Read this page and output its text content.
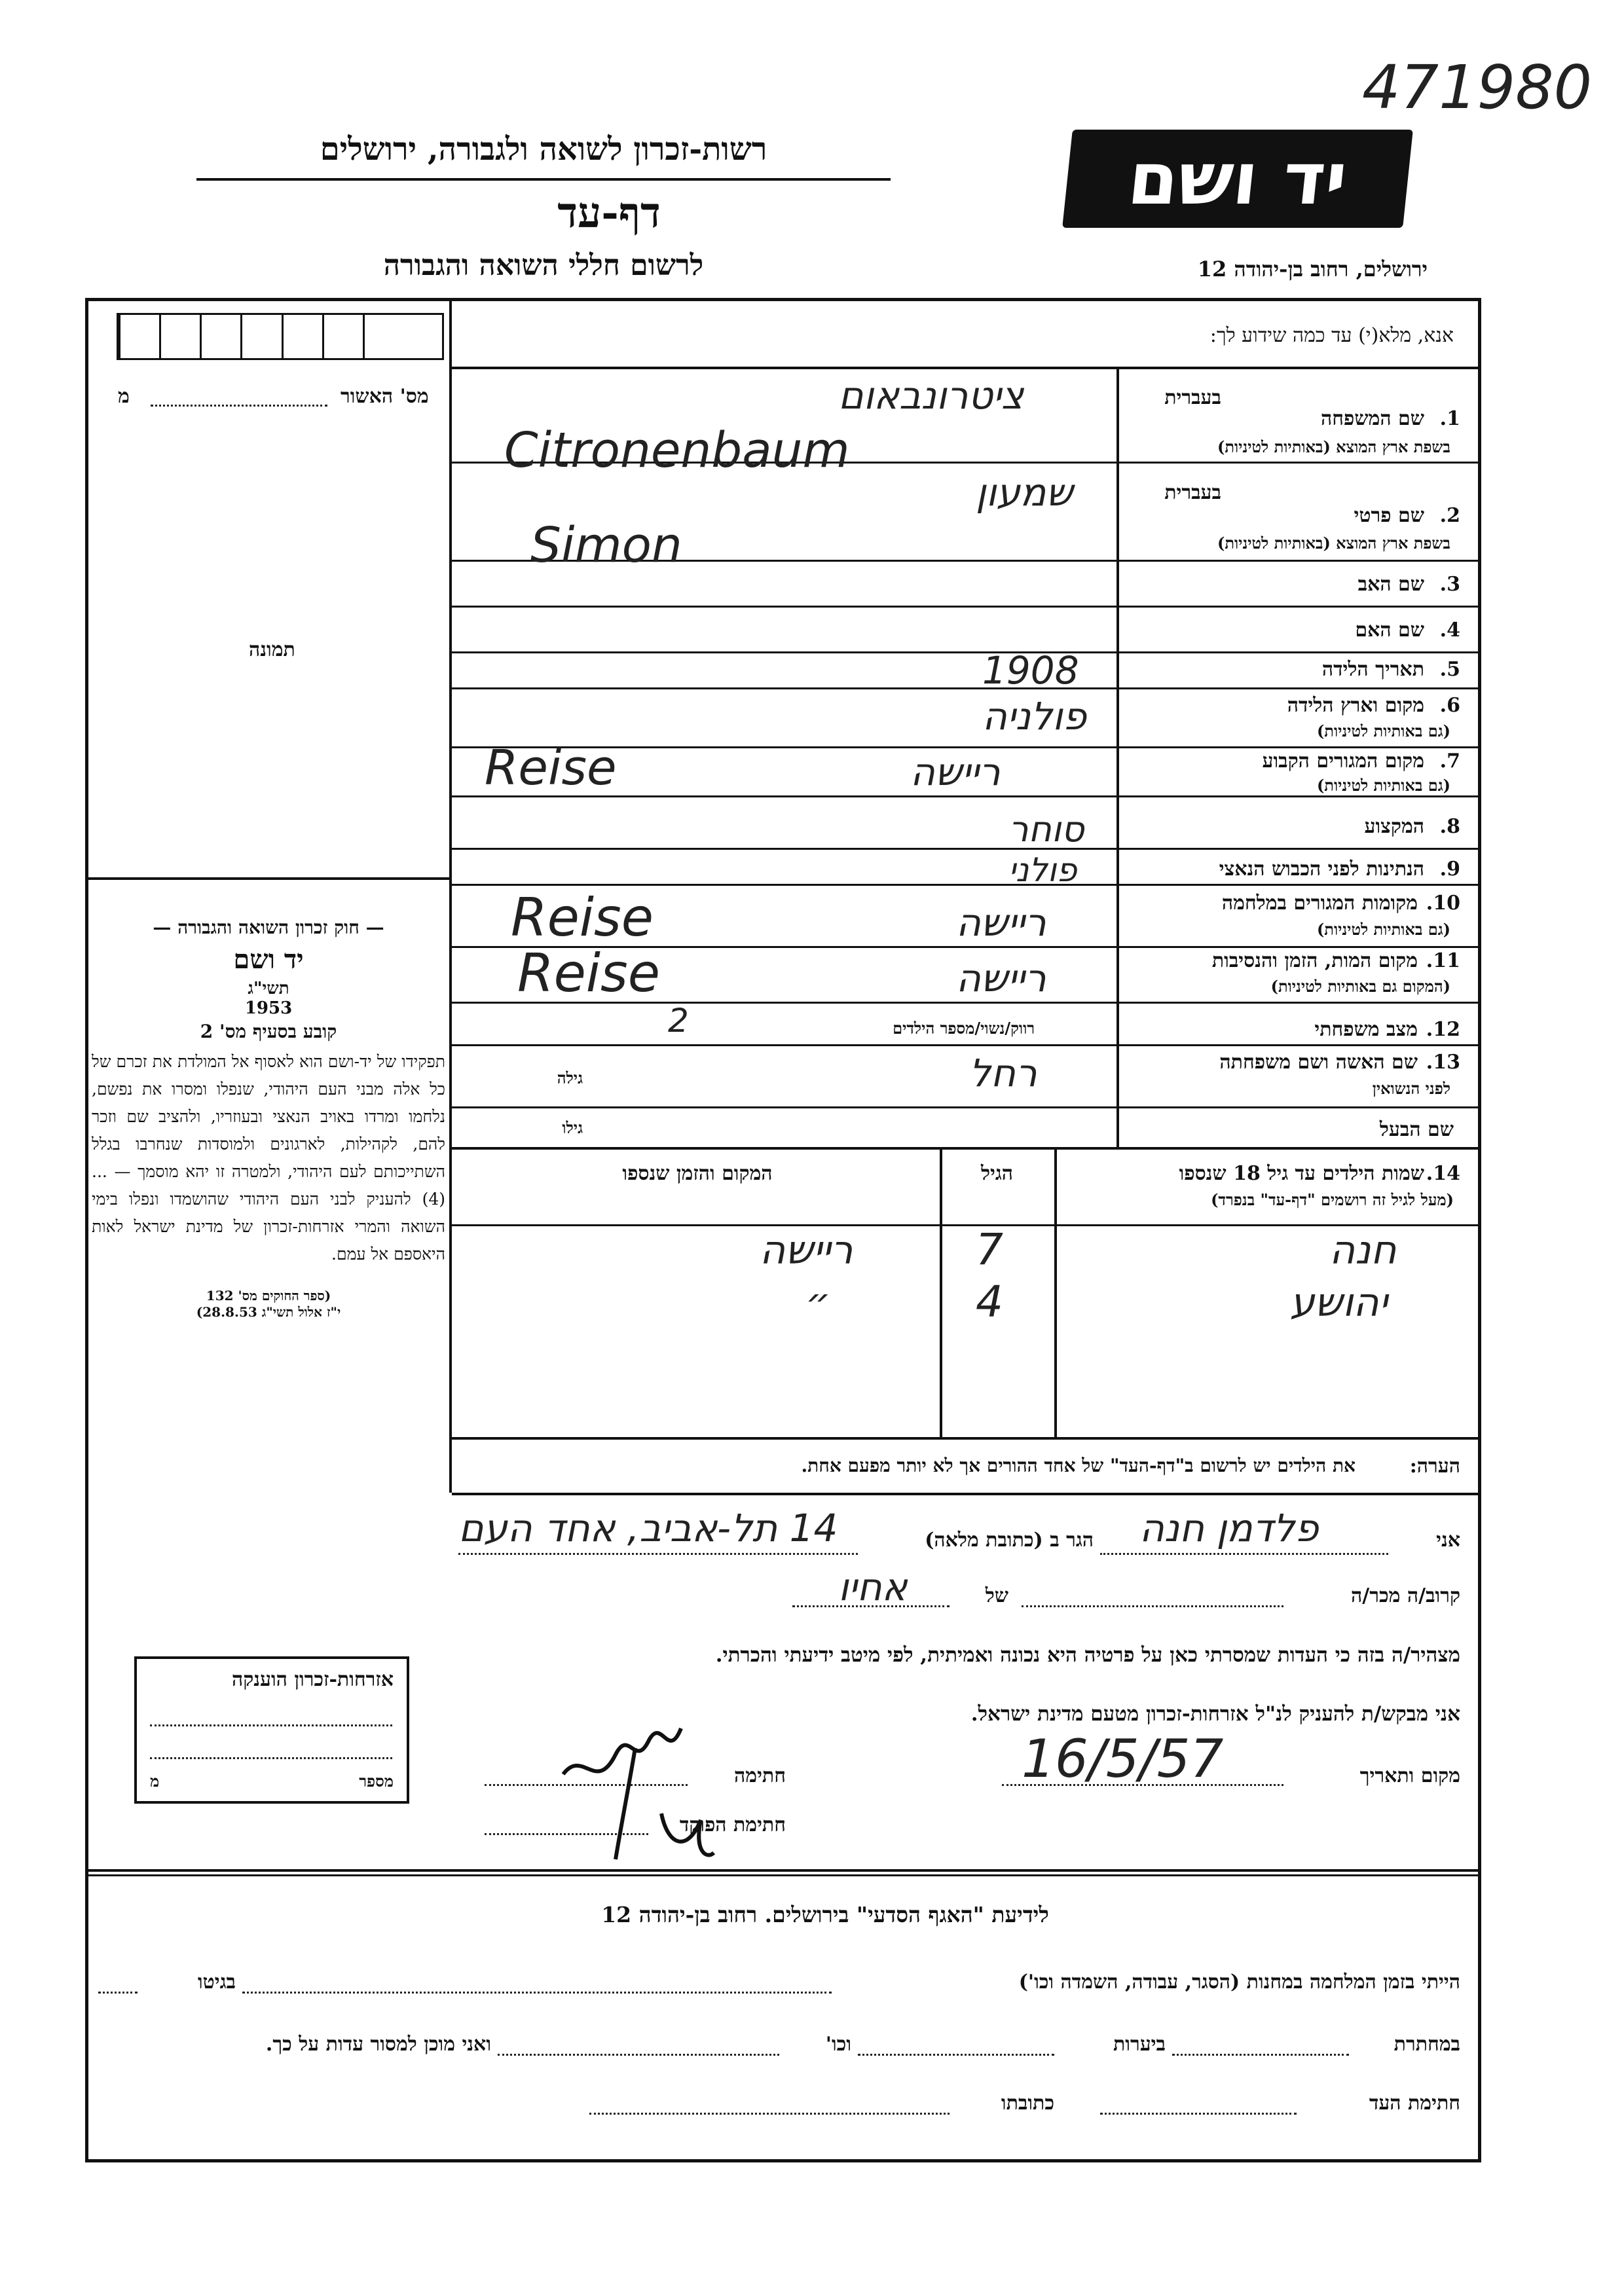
471980
יד ושם
רשות-זכרון לשואה ולגבורה, ירושלים
דף-עד
לרשום חללי השואה והגבורה	ירושלים, רחוב בן-יהודה 12
מס' האשור
מ
תמונה

— חוק זכרון השואה והגבורה —

יד ושם

תשי"ג

1953

קובע בסעיף מס' 2

תפקידו של יד-ושם הוא לאסוף אל המולדת את זכרם של כל אלה מבני העם היהודי, שנפלו ומסרו את נפשם, נלחמו ומרדו באויב הנאצי ובעוזריו, ולהציב שם וזכר להם, לקהילות, לארגונים ולמוסדות שנחרבו בגלל השתייכותם לעם היהודי, ולמטרה זו יהא מוסמך — ...(4) להעניק לבני העם היהודי שהושמדו ונפלו בימי השואה והמרי אזרחות-זכרון של מדינת ישראל לאות היאספם אל עמם.

(ספר החוקים מס' 132

י"ז אלול תשי"ג 28.8.53)

אנא, מלא(י) עד כמה שידוע לך:
בעברית
1.
שם המשפחה
בשפת ארץ המוצא (באותיות לטיניות)
ציטרונבאום
Citronenbaum
בעברית
2.
שם פרטי
בשפת ארץ המוצא (באותיות לטיניות)
שמעון
Simon
3.
שם האב
4.
שם האם
5.
תאריך הלידה
1908
6.
מקום וארץ הלידה
(גם באותיות לטיניות)
פולניה
7.
מקום המגורים הקבוע
(גם באותיות לטיניות)
ריישה
Reise
8.
המקצוע
סוחר
9.
הנתינות לפני הכבוש הנאצי
פולני
10.
מקומות המגורים במלחמה
(גם באותיות לטיניות)
ריישה
Reise
11.
מקום המות, הזמן והנסיבות
(המקום גם באותיות לטיניות)
ריישה
Reise
12.
מצב משפחתי
רווק/נשוי/מספר הילדים
2
13.
שם האשה ושם משפחתה
לפני הנשואין
גילה	רחל
שם הבעל
גילו
14.
שמות הילדים עד גיל 18 שנספו
(מעל לגיל זה רושמים "דף-עד" בנפרד)
הגיל
המקום והזמן שנספו
חנה
7
ריישה
יהושע
4
״
הערה:
את הילדים יש לרשום ב"דף-העד" של אחד ההורים אך לא יותר מפעם אחת.
אני
פלדמן חנה
הגר ב (כתובת מלאה)
14 תל-אביב, אחד העם
קרוב/ה מכר/ה
של
אחיו
מצהיר/ה בזה כי העדות שמסרתי כאן על פרטיה היא נכונה ואמיתית, לפי מיטב ידיעתי והכרתי.
אני מבקש/ת להעניק לנ"ל אזרחות-זכרון מטעם מדינת ישראל.
מקום ותאריך
16/5/57
חתימה
חתימת הפוקד
אזרחות-זכרון הוענקה
מספר
מ
לידיעת "האגף הסדעי" בירושלים. רחוב בן-יהודה 12
הייתי בזמן המלחמה במחנות (הסגר, עבודה, השמדה וכו')
בגיטו
במחתרת
ביערות
וכו'
ואני מוכן למסור עדות על כך.
חתימת העד
כתובתו
